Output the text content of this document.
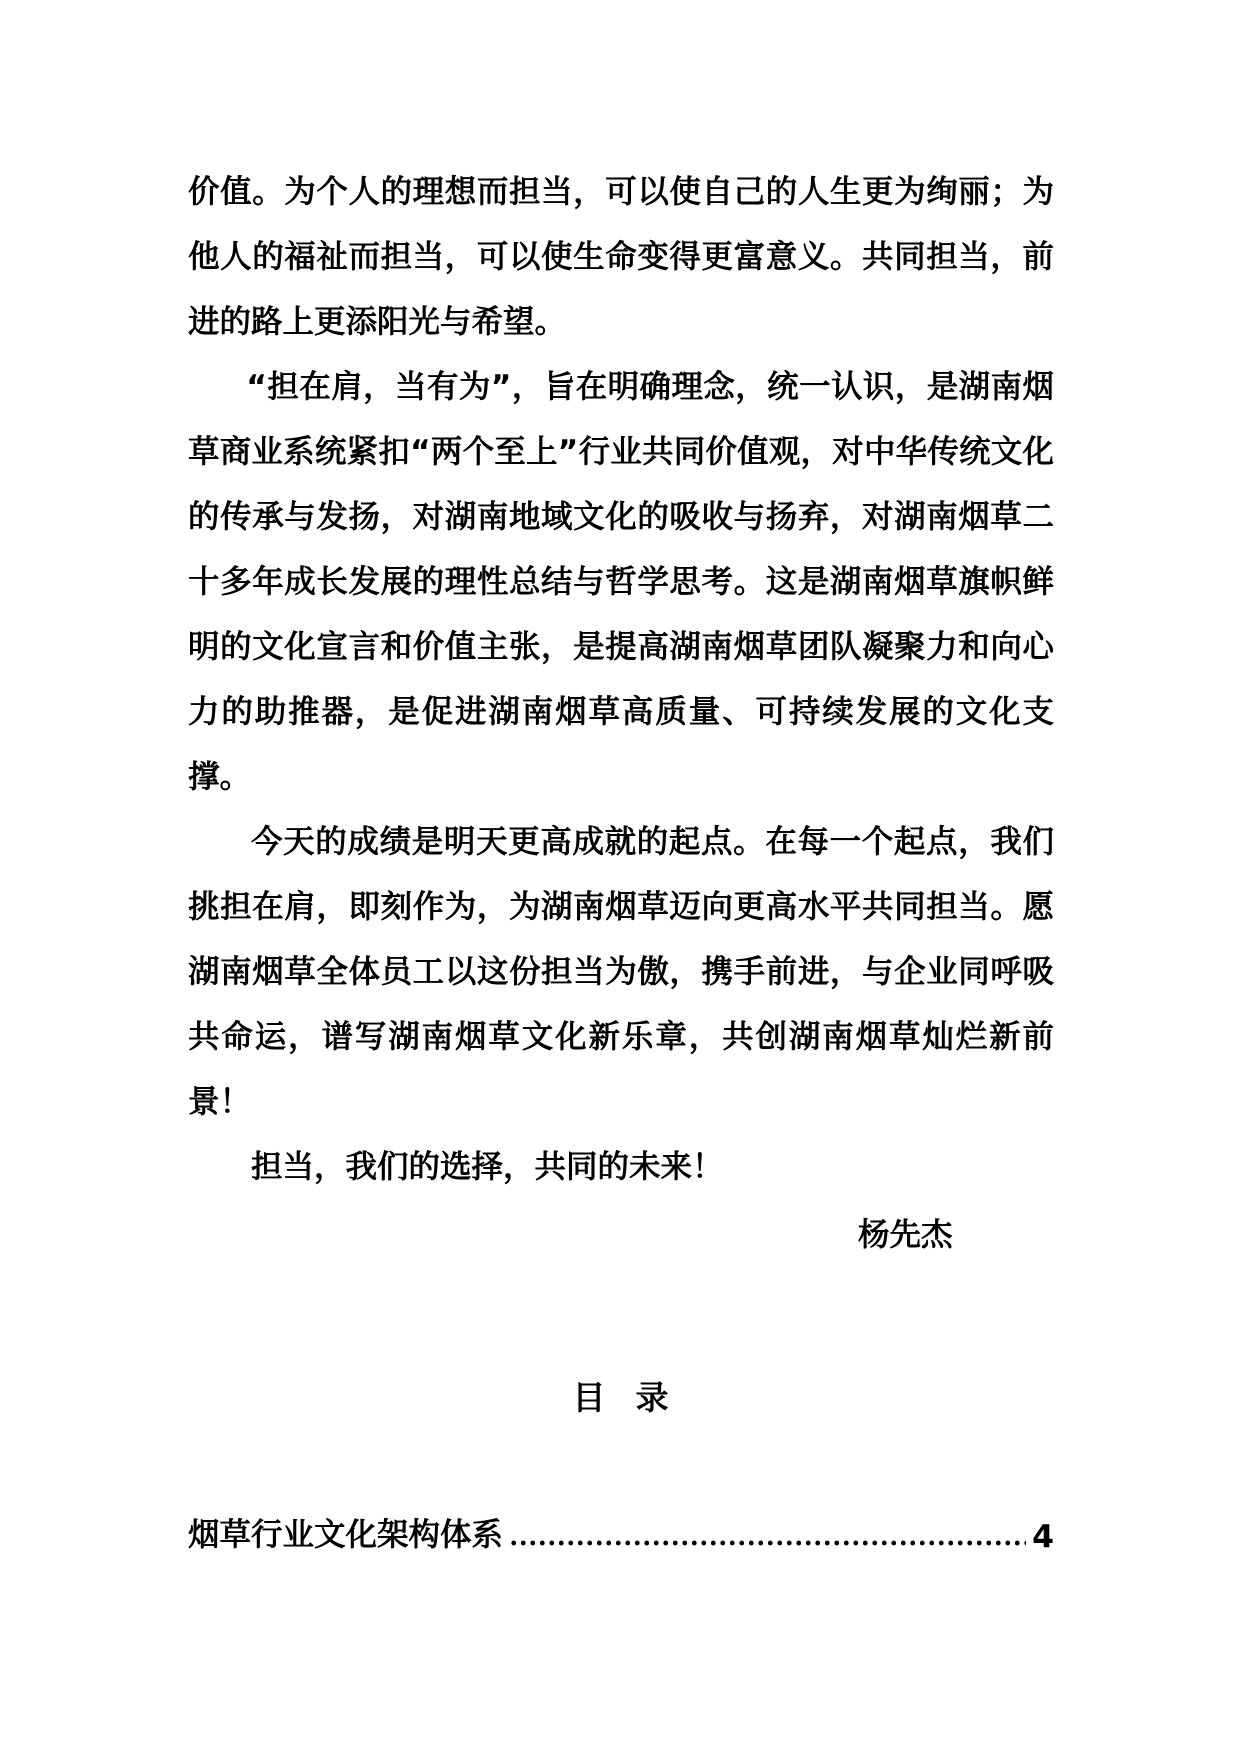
价值。为个人的理想而担当，可以使自己的人生更为绚丽；为他人的福祉而担当，可以使生命变得更富意义。共同担当，前进的路上更添阳光与希望。

“担在肩，当有为”，旨在明确理念，统一认识，是湖南烟草商业系统紧扣“两个至上”行业共同价值观，对中华传统文化的传承与发扬，对湖南地域文化的吸收与扬弃，对湖南烟草二十多年成长发展的理性总结与哲学思考。这是湖南烟草旗帜鲜明的文化宣言和价值主张，是提高湖南烟草团队凝聚力和向心力的助推器，是促进湖南烟草高质量、可持续发展的文化支撑。

今天的成绩是明天更高成就的起点。在每一个起点，我们挑担在肩，即刻作为，为湖南烟草迈向更高水平共同担当。愿湖南烟草全体员工以这份担当为傲，携手前进，与企业同呼吸共命运，谱写湖南烟草文化新乐章，共创湖南烟草灿烂新前景！

担当，我们的选择，共同的未来！

杨先杰
目录
烟草行业文化架构体系	4
